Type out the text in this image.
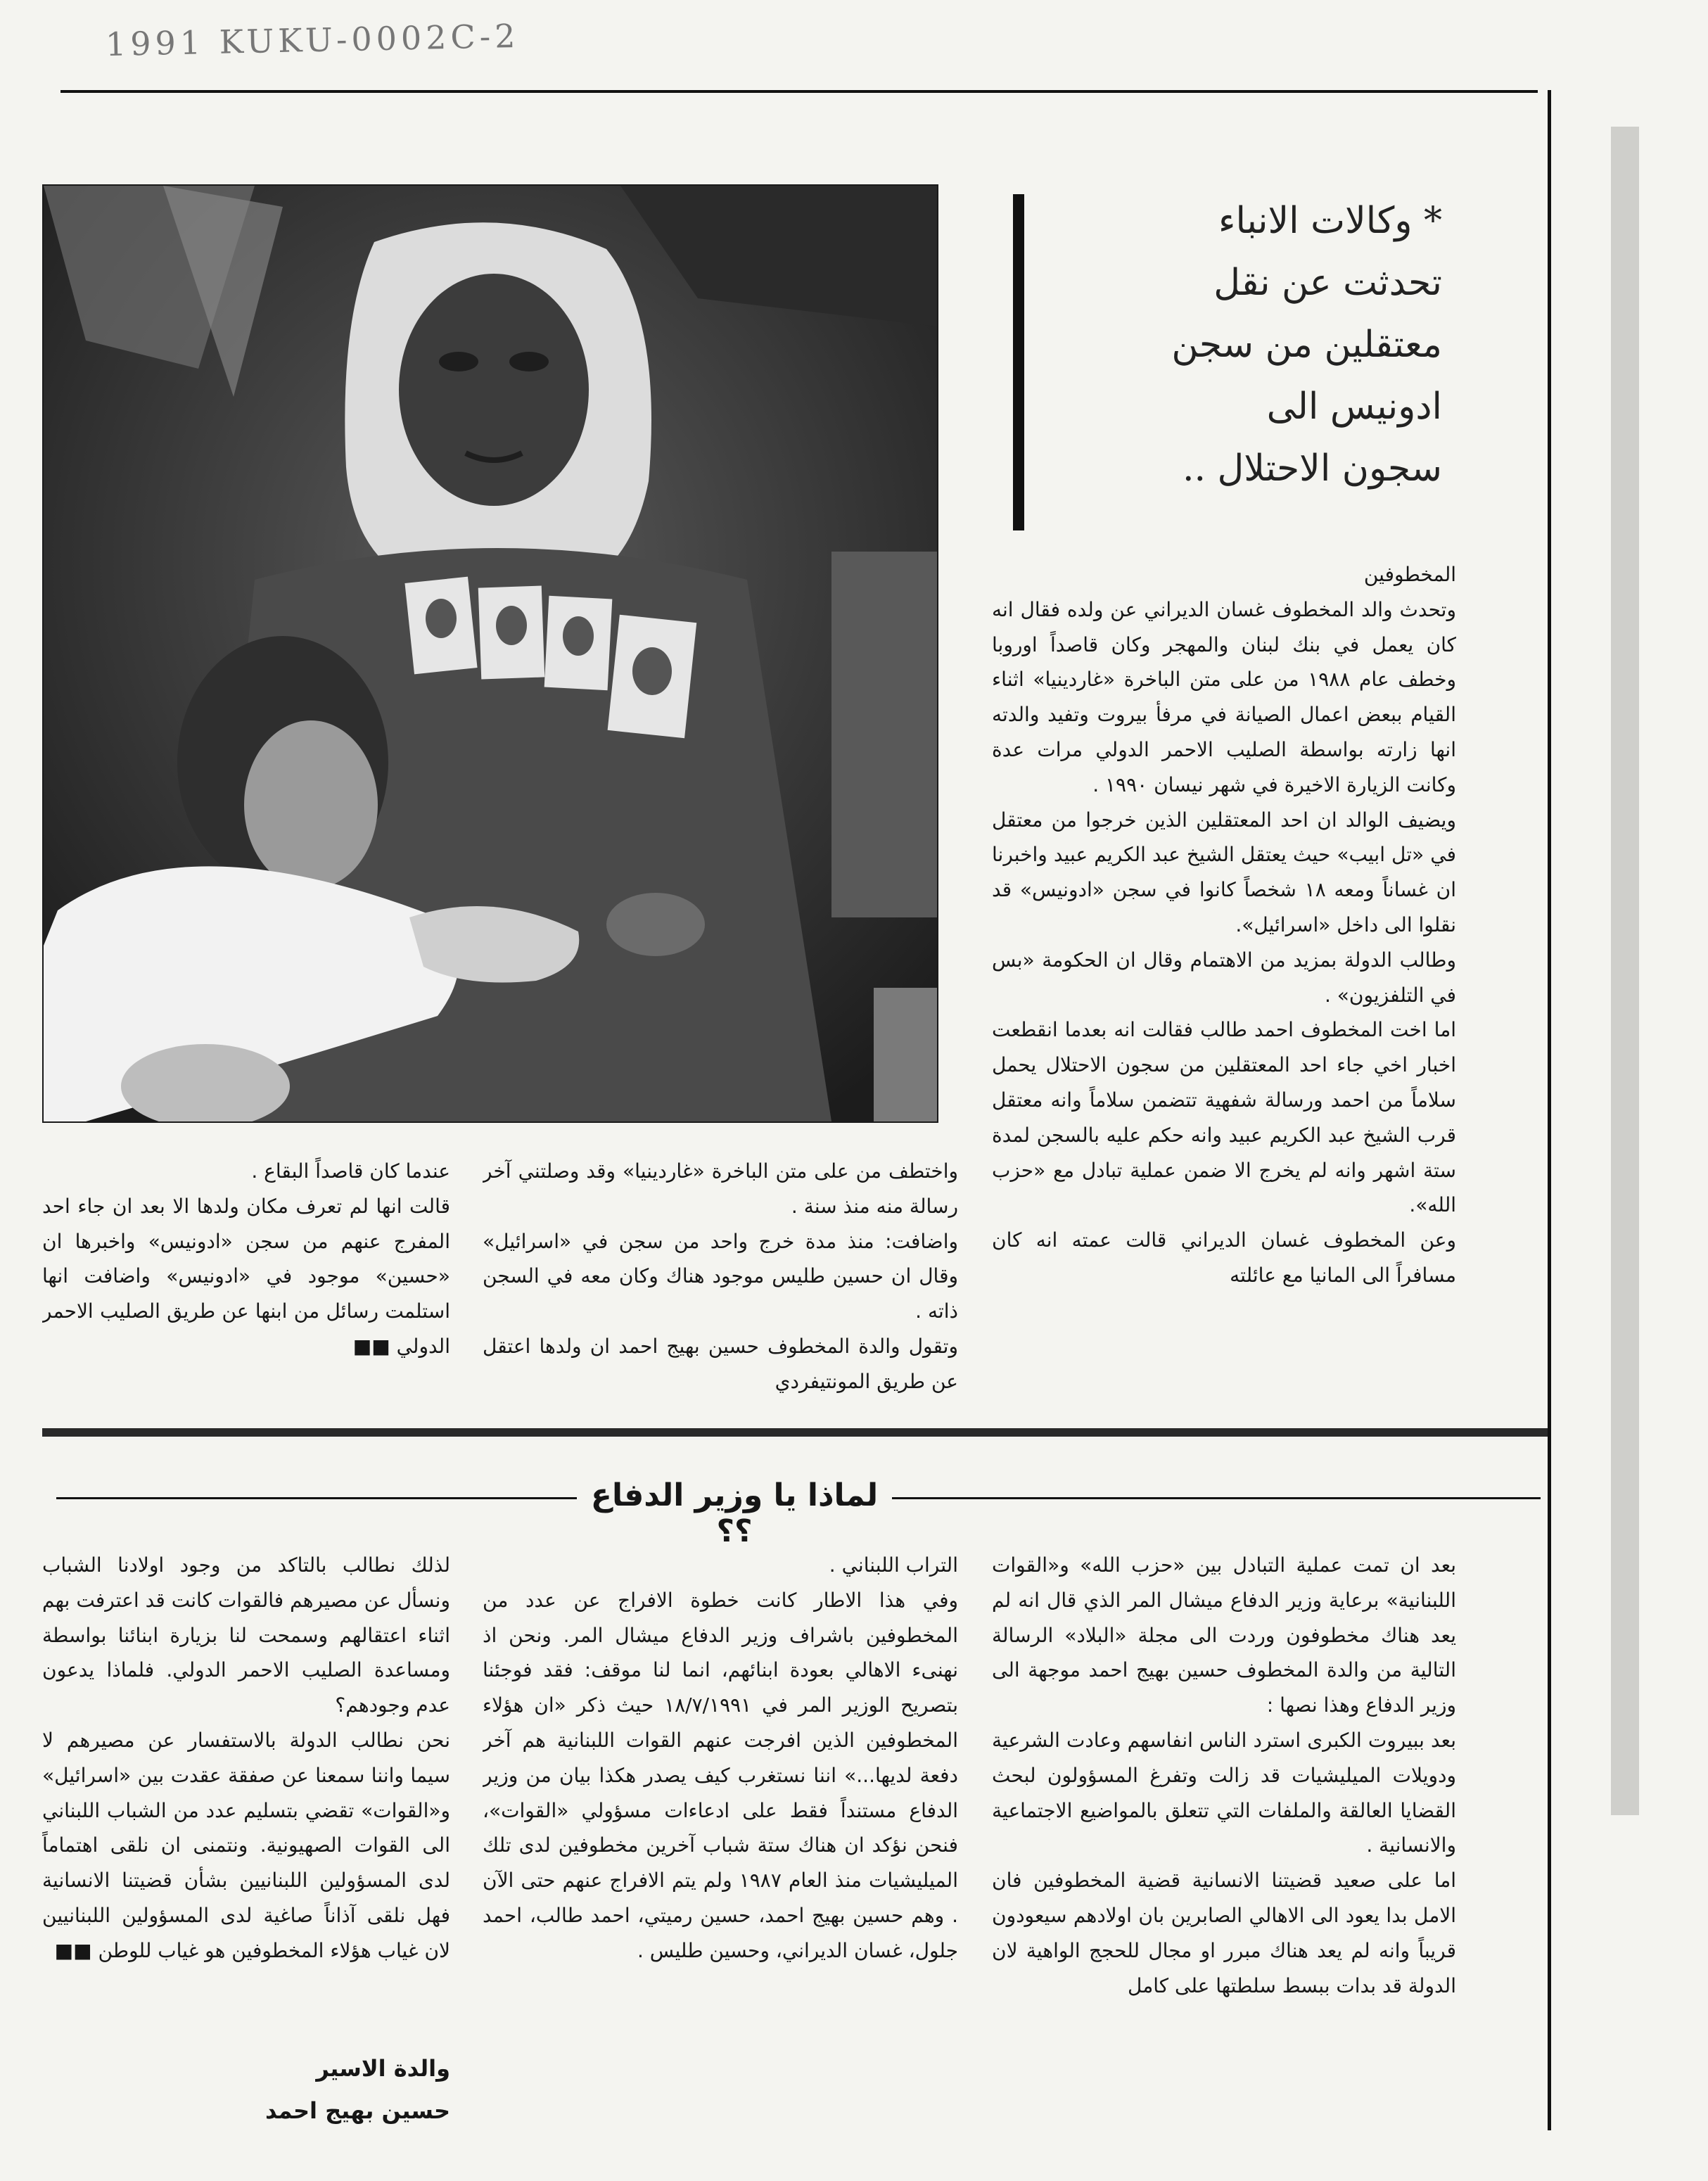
1991 KUKU-0002C-2

* وكالات الانباء

تحدثت عن نقل

معتقلين من سجن

ادونيس الى

سجون الاحتلال ..

المخطوفين

وتحدث والد المخطوف غسان الديراني عن ولده فقال انه كان يعمل في بنك لبنان والمهجر وكان قاصداً اوروبا وخطف عام ١٩٨٨ من على متن الباخرة «غاردينيا» اثناء القيام ببعض اعمال الصيانة في مرفأ بيروت وتفيد والدته انها زارته بواسطة الصليب الاحمر الدولي مرات عدة وكانت الزيارة الاخيرة في شهر نيسان ١٩٩٠ .

ويضيف الوالد ان احد المعتقلين الذين خرجوا من معتقل في «تل ابيب» حيث يعتقل الشيخ عبد الكريم عبيد واخبرنا ان غساناً ومعه ١٨ شخصاً كانوا في سجن «ادونيس» قد نقلوا الى داخل «اسرائيل».

وطالب الدولة بمزيد من الاهتمام وقال ان الحكومة «بس في التلفزيون» .

اما اخت المخطوف احمد طالب فقالت انه بعدما انقطعت اخبار اخي جاء احد المعتقلين من سجون الاحتلال يحمل سلاماً من احمد ورسالة شفهية تتضمن سلاماً وانه معتقل قرب الشيخ عبد الكريم عبيد وانه حكم عليه بالسجن لمدة ستة اشهر وانه لم يخرج الا ضمن عملية تبادل مع «حزب الله».

وعن المخطوف غسان الديراني قالت عمته انه كان مسافراً الى المانيا مع عائلته

واختطف من على متن الباخرة «غاردينيا» وقد وصلتني آخر رسالة منه منذ سنة .

واضافت: منذ مدة خرج واحد من سجن في «اسرائيل» وقال ان حسين طليس موجود هناك وكان معه في السجن ذاته .

وتقول والدة المخطوف حسين بهيج احمد ان ولدها اعتقل عن طريق المونتيفردي

عندما كان قاصداً البقاع .

قالت انها لم تعرف مكان ولدها الا بعد ان جاء احد المفرج عنهم من سجن «ادونيس» واخبرها ان «حسين» موجود في «ادونيس» واضافت انها استلمت رسائل من ابنها عن طريق الصليب الاحمر الدولي ■■

لماذا يا وزير الدفاع ؟؟

بعد ان تمت عملية التبادل بين «حزب الله» و«القوات اللبنانية» برعاية وزير الدفاع ميشال المر الذي قال انه لم يعد هناك مخطوفون وردت الى مجلة «البلاد» الرسالة التالية من والدة المخطوف حسين بهيج احمد موجهة الى وزير الدفاع وهذا نصها :

بعد ببيروت الكبرى استرد الناس انفاسهم وعادت الشرعية ودويلات الميليشيات قد زالت وتفرغ المسؤولون لبحث القضايا العالقة والملفات التي تتعلق بالمواضيع الاجتماعية والانسانية .

اما على صعيد قضيتنا الانسانية قضية المخطوفين فان الامل بدا يعود الى الاهالي الصابرين بان اولادهم سيعودون قريباً وانه لم يعد هناك مبرر او مجال للحجج الواهية لان الدولة قد بدات ببسط سلطتها على كامل

التراب اللبناني .

وفي هذا الاطار كانت خطوة الافراج عن عدد من المخطوفين باشراف وزير الدفاع ميشال المر. ونحن اذ نهنىء الاهالي بعودة ابنائهم، انما لنا موقف: فقد فوجئنا بتصريح الوزير المر في ١٨/٧/١٩٩١ حيث ذكر «ان هؤلاء المخطوفين الذين افرجت عنهم القوات اللبنانية هم آخر دفعة لديها...» اننا نستغرب كيف يصدر هكذا بيان من وزير الدفاع مستنداً فقط على ادعاءات مسؤولي «القوات»، فنحن نؤكد ان هناك ستة شباب آخرين مخطوفين لدى تلك الميليشيات منذ العام ١٩٨٧ ولم يتم الافراج عنهم حتى الآن . وهم حسين بهيج احمد، حسين رميتي، احمد طالب، احمد جلول، غسان الديراني، وحسين طليس .

لذلك نطالب بالتاكد من وجود اولادنا الشباب ونسأل عن مصيرهم فالقوات كانت قد اعترفت بهم اثناء اعتقالهم وسمحت لنا بزيارة ابنائنا بواسطة ومساعدة الصليب الاحمر الدولي. فلماذا يدعون عدم وجودهم؟

نحن نطالب الدولة بالاستفسار عن مصيرهم لا سيما واننا سمعنا عن صفقة عقدت بين «اسرائيل» و«القوات» تقضي بتسليم عدد من الشباب اللبناني الى القوات الصهيونية. ونتمنى ان نلقى اهتماماً لدى المسؤولين اللبنانيين بشأن قضيتنا الانسانية فهل نلقى آذاناً صاغية لدى المسؤولين اللبنانيين لان غياب هؤلاء المخطوفين هو غياب للوطن ■■

والدة الاسير

حسين بهيج احمد
